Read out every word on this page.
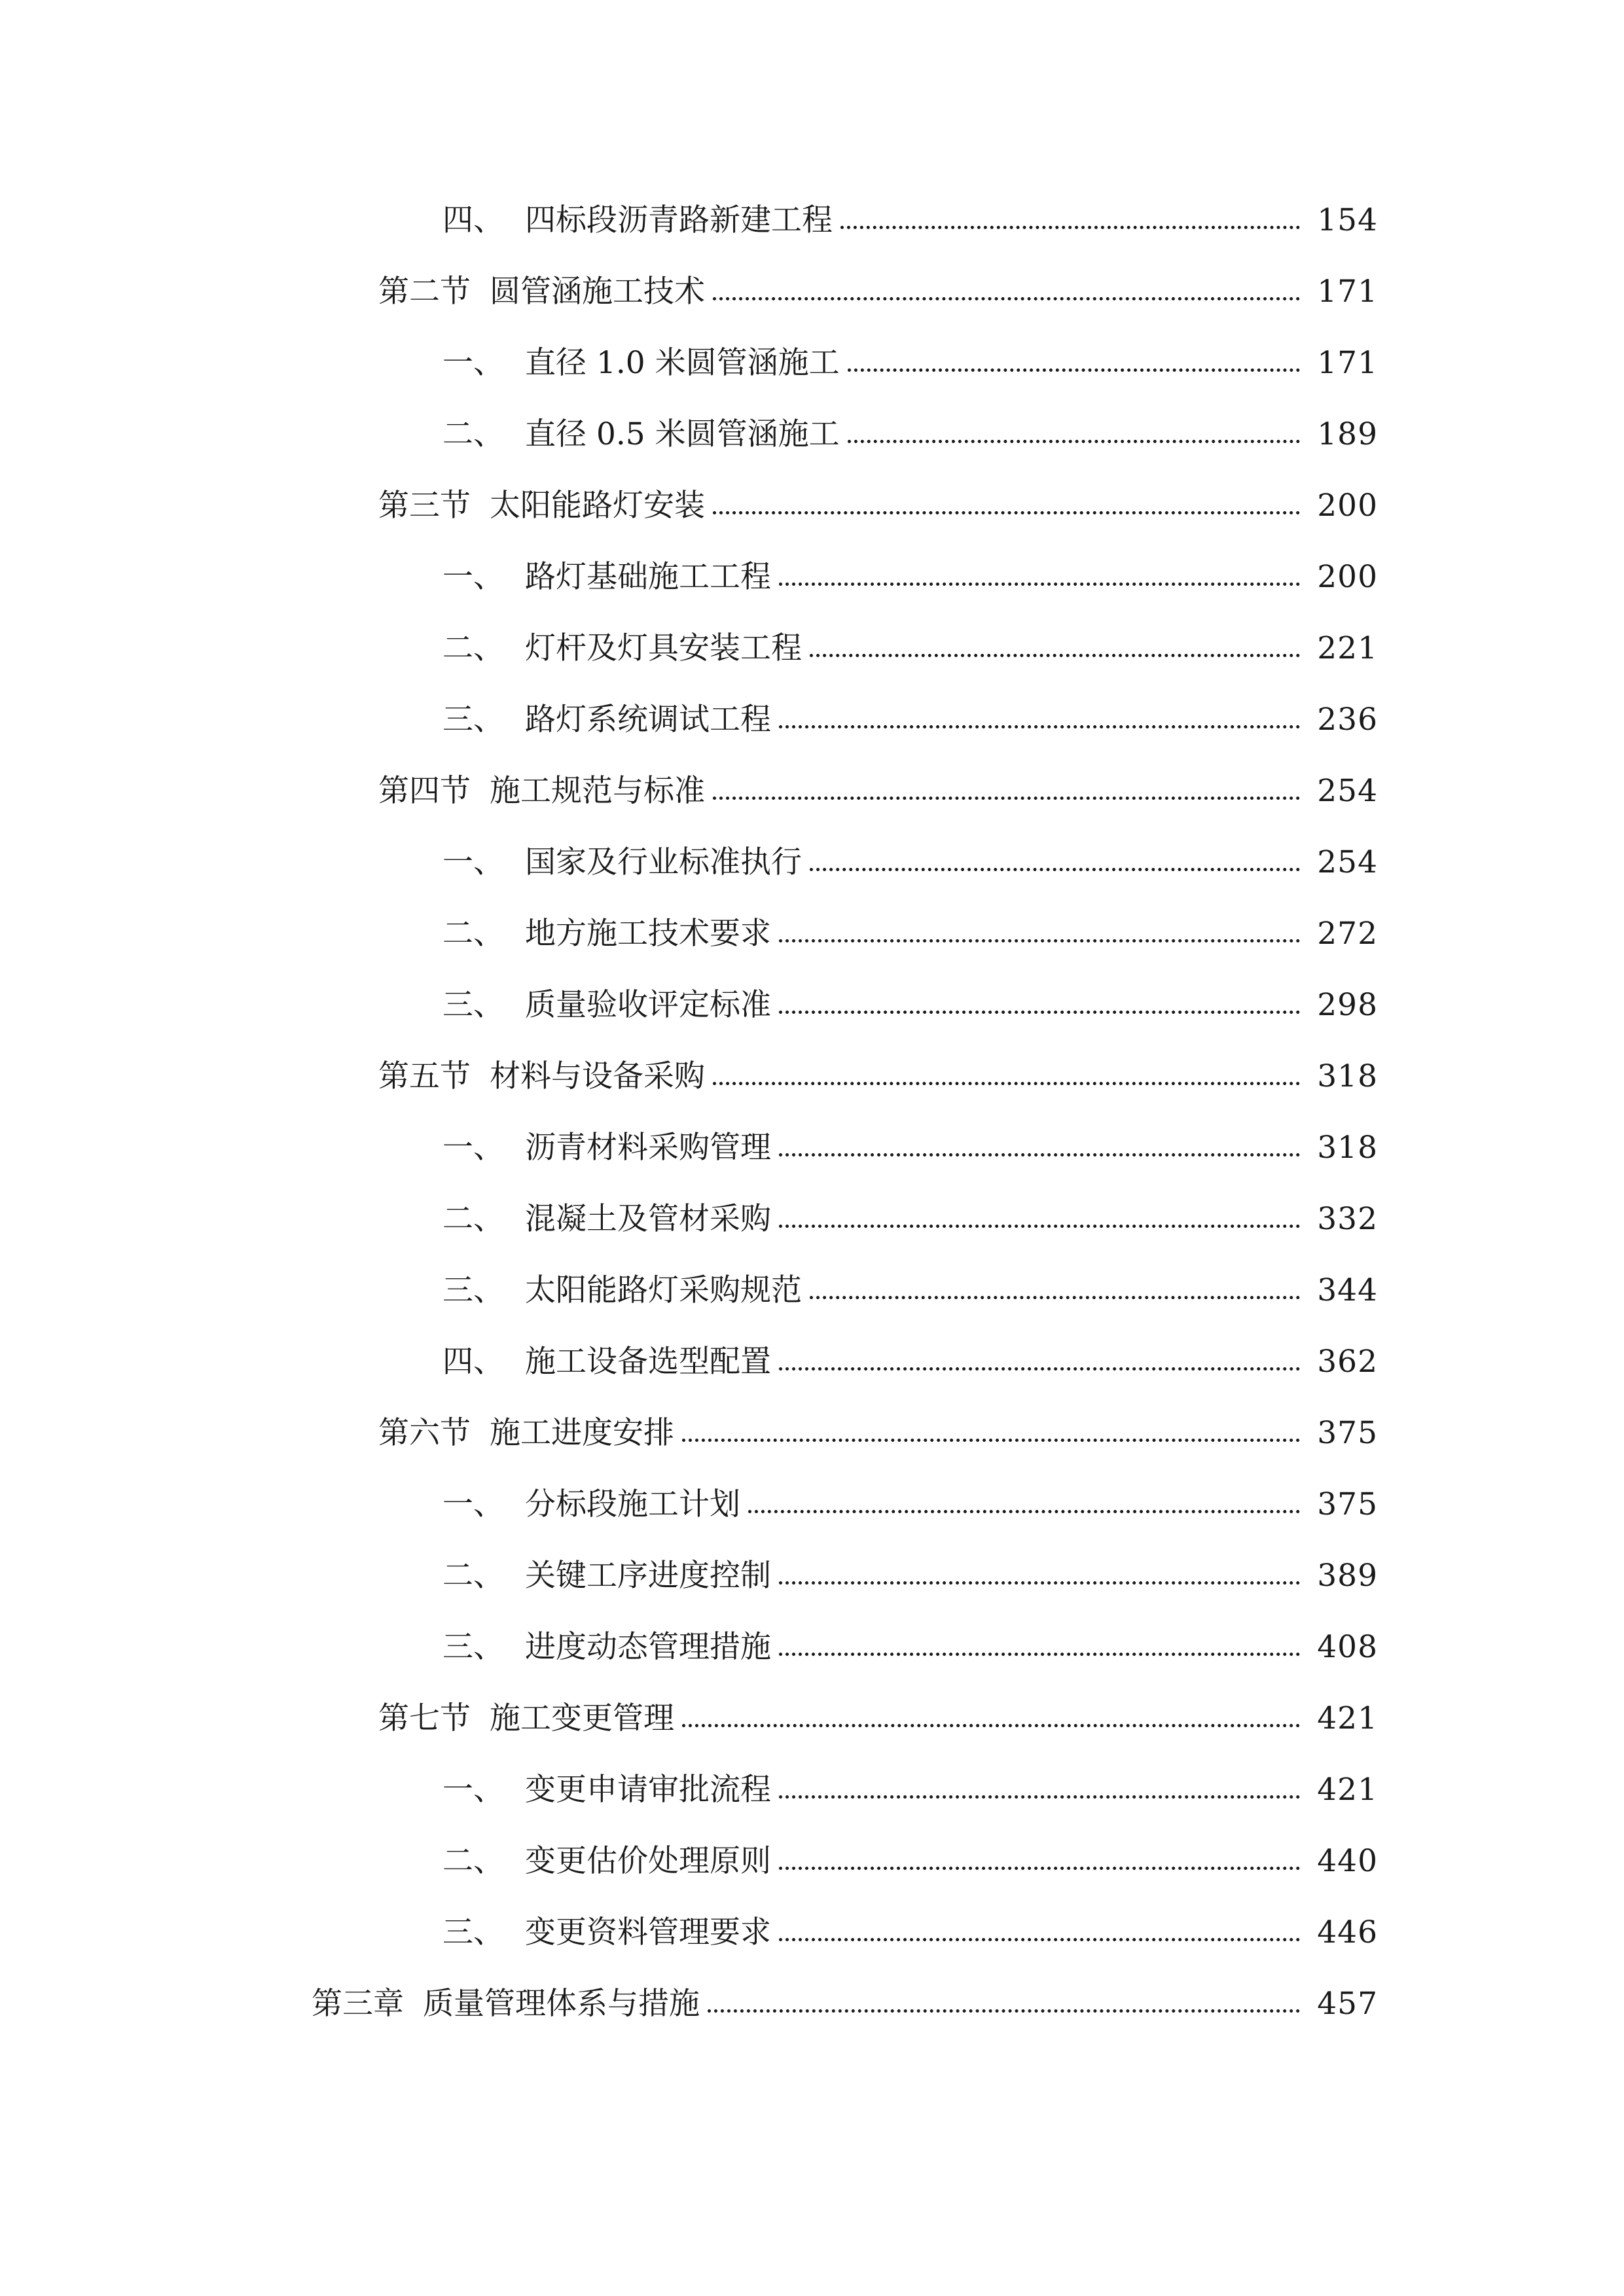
四、 四标段沥青路新建工程	154
第二节 圆管涵施工技术	171
一、 直径 1.0 米圆管涵施工	171
二、 直径 0.5 米圆管涵施工	189
第三节 太阳能路灯安装	200
一、 路灯基础施工工程	200
二、 灯杆及灯具安装工程	221
三、 路灯系统调试工程	236
第四节 施工规范与标准	254
一、 国家及行业标准执行	254
二、 地方施工技术要求	272
三、 质量验收评定标准	298
第五节 材料与设备采购	318
一、 沥青材料采购管理	318
二、 混凝土及管材采购	332
三、 太阳能路灯采购规范	344
四、 施工设备选型配置	362
第六节 施工进度安排	375
一、 分标段施工计划	375
二、 关键工序进度控制	389
三、 进度动态管理措施	408
第七节 施工变更管理	421
一、 变更申请审批流程	421
二、 变更估价处理原则	440
三、 变更资料管理要求	446
第三章 质量管理体系与措施	457
